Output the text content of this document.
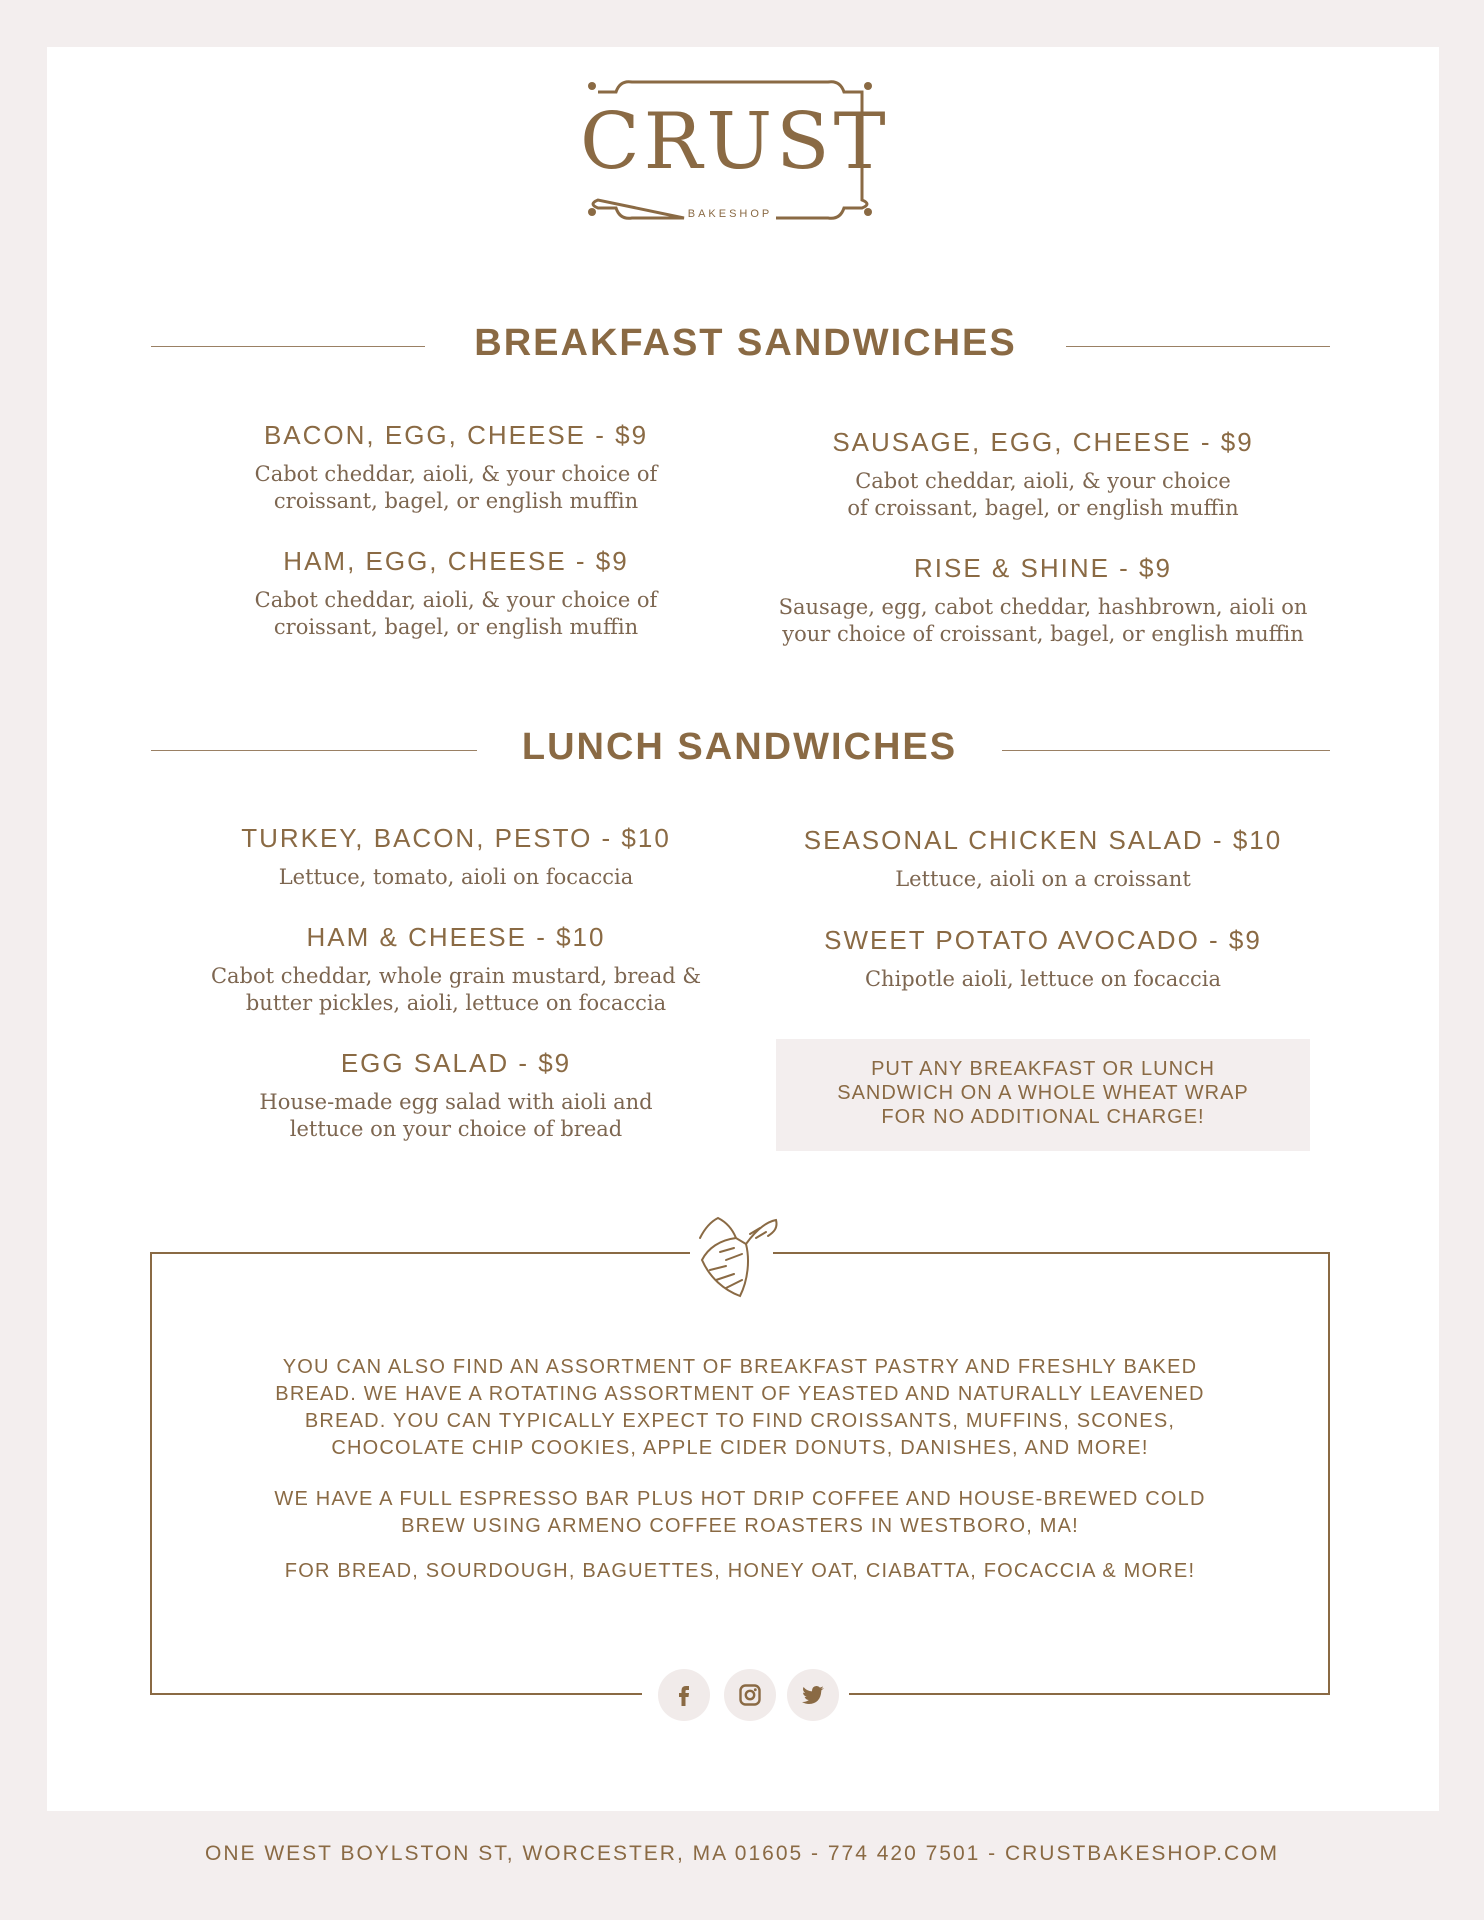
CRUST
BAKESHOP
BREAKFAST SANDWICHES
BACON, EGG, CHEESE - $9
Cabot cheddar, aioli, & your choice of
croissant, bagel, or english muffin
HAM, EGG, CHEESE - $9
Cabot cheddar, aioli, & your choice of
croissant, bagel, or english muffin
SAUSAGE, EGG, CHEESE - $9
Cabot cheddar, aioli, & your choice
of croissant, bagel, or english muffin
RISE & SHINE - $9
Sausage, egg, cabot cheddar, hashbrown, aioli on
your choice of croissant, bagel, or english muffin
LUNCH SANDWICHES
TURKEY, BACON, PESTO - $10
Lettuce, tomato, aioli on focaccia
HAM & CHEESE - $10
Cabot cheddar, whole grain mustard, bread &
butter pickles, aioli, lettuce on focaccia
EGG SALAD - $9
House-made egg salad with aioli and
lettuce on your choice of bread
SEASONAL CHICKEN SALAD - $10
Lettuce, aioli on a croissant
SWEET POTATO AVOCADO - $9
Chipotle aioli, lettuce on focaccia
PUT ANY BREAKFAST OR LUNCH
SANDWICH ON A WHOLE WHEAT WRAP
FOR NO ADDITIONAL CHARGE!
YOU CAN ALSO FIND AN ASSORTMENT OF BREAKFAST PASTRY AND FRESHLY BAKED
BREAD. WE HAVE A ROTATING ASSORTMENT OF YEASTED AND NATURALLY LEAVENED
BREAD. YOU CAN TYPICALLY EXPECT TO FIND CROISSANTS, MUFFINS, SCONES,
CHOCOLATE CHIP COOKIES, APPLE CIDER DONUTS, DANISHES, AND MORE!
WE HAVE A FULL ESPRESSO BAR PLUS HOT DRIP COFFEE AND HOUSE-BREWED COLD
BREW USING ARMENO COFFEE ROASTERS IN WESTBORO, MA!
FOR BREAD, SOURDOUGH, BAGUETTES, HONEY OAT, CIABATTA, FOCACCIA & MORE!
ONE WEST BOYLSTON ST, WORCESTER, MA 01605 - 774 420 7501 - CRUSTBAKESHOP.COM
